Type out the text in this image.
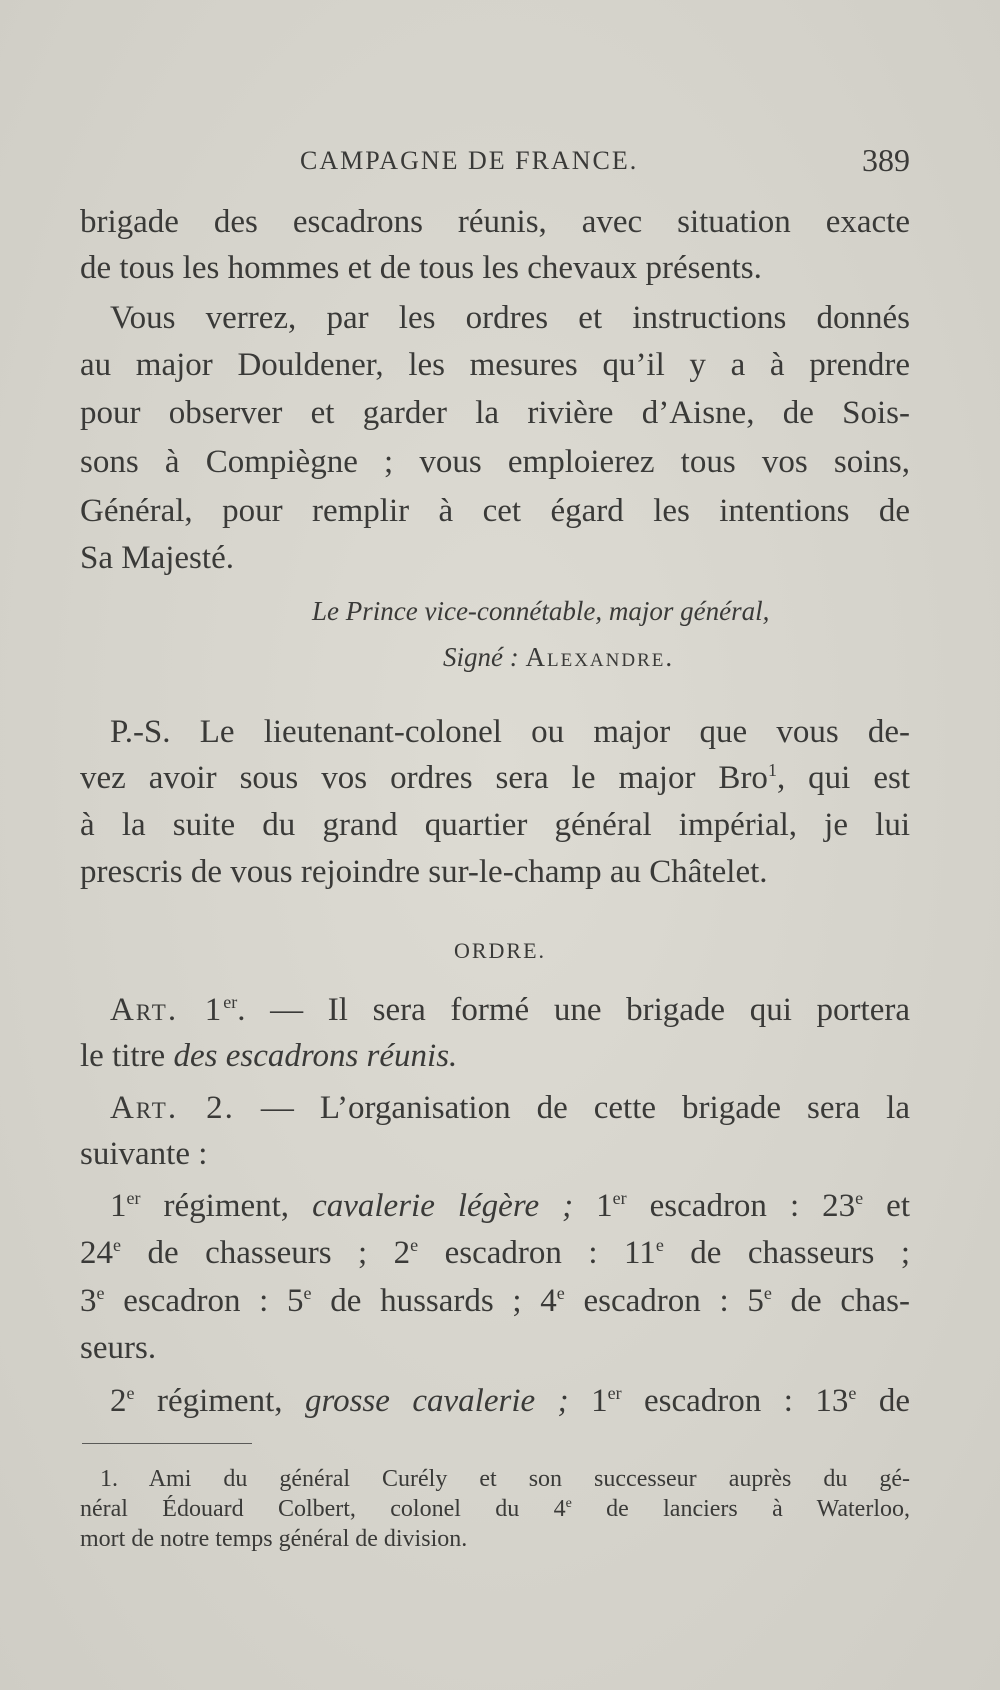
CAMPAGNE DE FRANCE.	389
brigade des escadrons réunis, avec situation exacte
de tous les hommes et de tous les chevaux présents.
Vous verrez, par les ordres et instructions donnés
au major Douldener, les mesures qu’il y a à prendre
pour observer et garder la rivière d’Aisne, de Sois-
sons à Compiègne ; vous emploierez tous vos soins,
Général, pour remplir à cet égard les intentions de
Sa Majesté.
Le Prince vice-connétable, major général,
Signé : Alexandre.
P.-S. Le lieutenant-colonel ou major que vous de-
vez avoir sous vos ordres sera le major Bro$^1$, qui est
à la suite du grand quartier général impérial, je lui
prescris de vous rejoindre sur-le-champ au Châtelet.
ORDRE.
Art. 1er. — Il sera formé une brigade qui portera
le titre des escadrons réunis.
Art. 2. — L’organisation de cette brigade sera la
suivante :
1er régiment, cavalerie légère ; 1er escadron : 23e et
24e de chasseurs ; 2e escadron : 11e de chasseurs ;
3e escadron : 5e de hussards ; 4e escadron : 5e de chas-
seurs.
2e régiment, grosse cavalerie ; 1er escadron : 13e de
1. Ami du général Curély et son successeur auprès du gé-
néral Édouard Colbert, colonel du 4e de lanciers à Waterloo,
mort de notre temps général de division.
